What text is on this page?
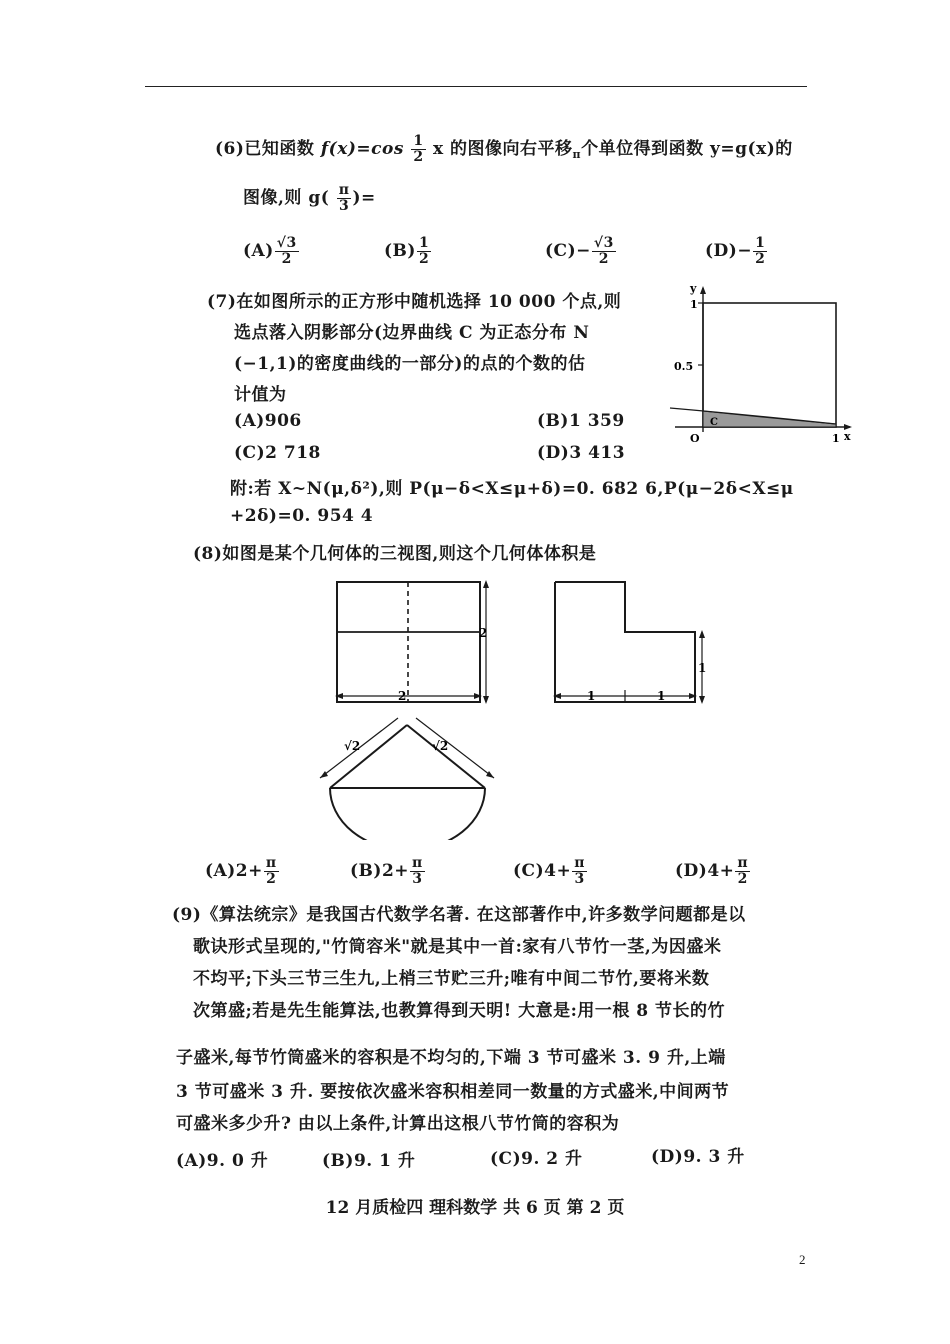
(6)已知函数 $f(x)=\cos \frac{1}{2}$ x 的图像向右平移$_\pi$个单位得到函数 y=g(x)的
图像,则 $g( \frac{\pi}{3}$ )=
$(A) \frac{√3}{2}$	$(B) \frac{1}{2}$	$(C)- \frac{√3}{2}$	$(D)- \frac{1}{2}$
(7)在如图所示的正方形中随机选择 10 000 个点,则
选点落入阴影部分(边界曲线 C 为正态分布 N
(−1,1)的密度曲线的一部分)的点的个数的估
计值为
(A)906	(B)1 359
(C)2 718	(D)3 413
附:若 X~N(μ,δ²),则 P(μ−δ<X≤μ+δ)=0. 682 6,P(μ−2δ<X≤μ
+2δ)=0. 954 4
y
x
1
0.5
O	1
C
(8)如图是某个几何体的三视图,则这个几何体体积是
2
2	1	1
1
√2	√2
$(A)2+ \frac{\pi}{2}$	$(B)2+ \frac{\pi}{3}$	$(C)4+ \frac{\pi}{3}$	$(D)4+ \frac{\pi}{2}$
(9)《算法统宗》是我国古代数学名著. 在这部著作中,许多数学问题都是以
歌诀形式呈现的,"竹筒容米"就是其中一首:家有八节竹一茎,为因盛米
不均平;下头三节三生九,上梢三节贮三升;唯有中间二节竹,要将米数
次第盛;若是先生能算法,也教算得到天明! 大意是:用一根 8 节长的竹
子盛米,每节竹筒盛米的容积是不均匀的,下端 3 节可盛米 3. 9 升,上端
3 节可盛米 3 升. 要按依次盛米容积相差同一数量的方式盛米,中间两节
可盛米多少升? 由以上条件,计算出这根八节竹筒的容积为
(A)9. 0 升	(B)9. 1 升	(C)9. 2 升	(D)9. 3 升
12 月质检四 理科数学 共 6 页 第 2 页
2
